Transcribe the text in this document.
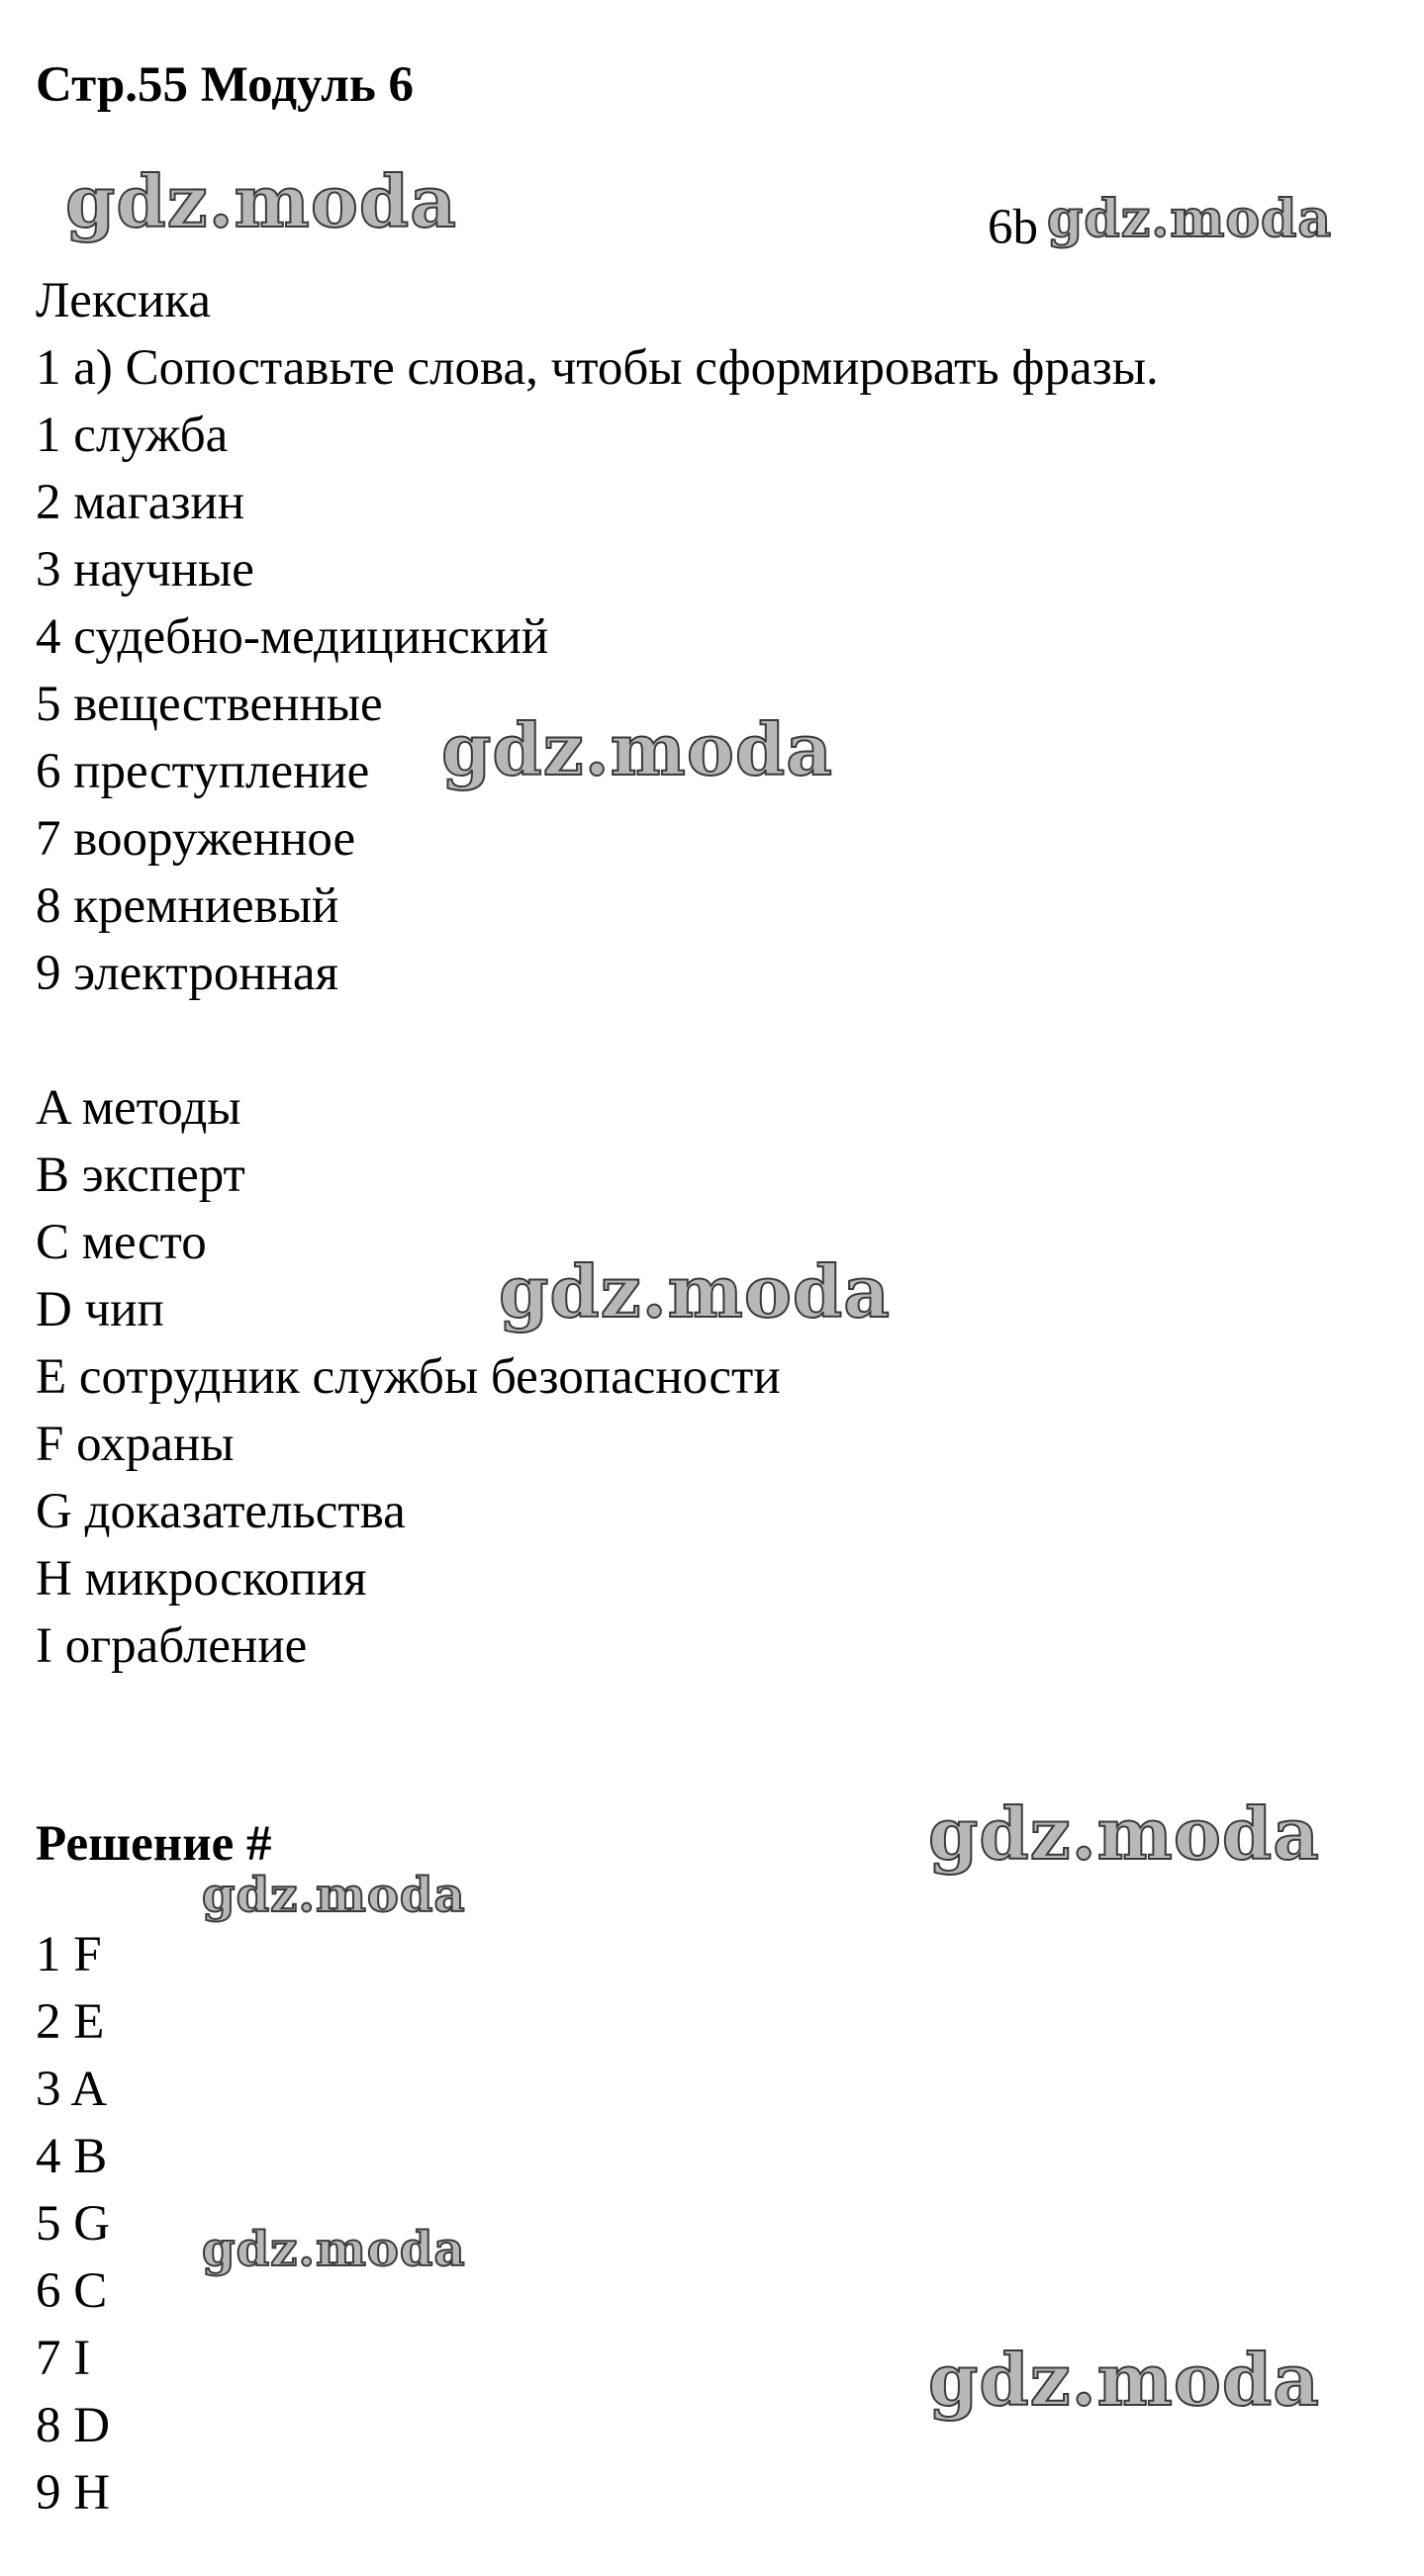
Стр.55 Модуль 6
gdz.moda	6b gdz.moda
Лексика
1 a) Сопоставьте слова, чтобы сформировать фразы.
1 служба
2 магазин
3 научные
4 судебно-медицинский
5 вещественные
6 преступление gdz.moda
7 вооруженное
8 кремниевый
9 электронная
A методы
B эксперт
C место
gdz.moda
D чип
E сотрудник службы безопасности
F охраны
G доказательства
H микроскопия
I ограбление
Решение #	gdz.moda
gdz.moda
1 F
2 E
3 A
4 B
5 G gdz.moda
6 C
7 I	gdz.moda
8 D
9 H
